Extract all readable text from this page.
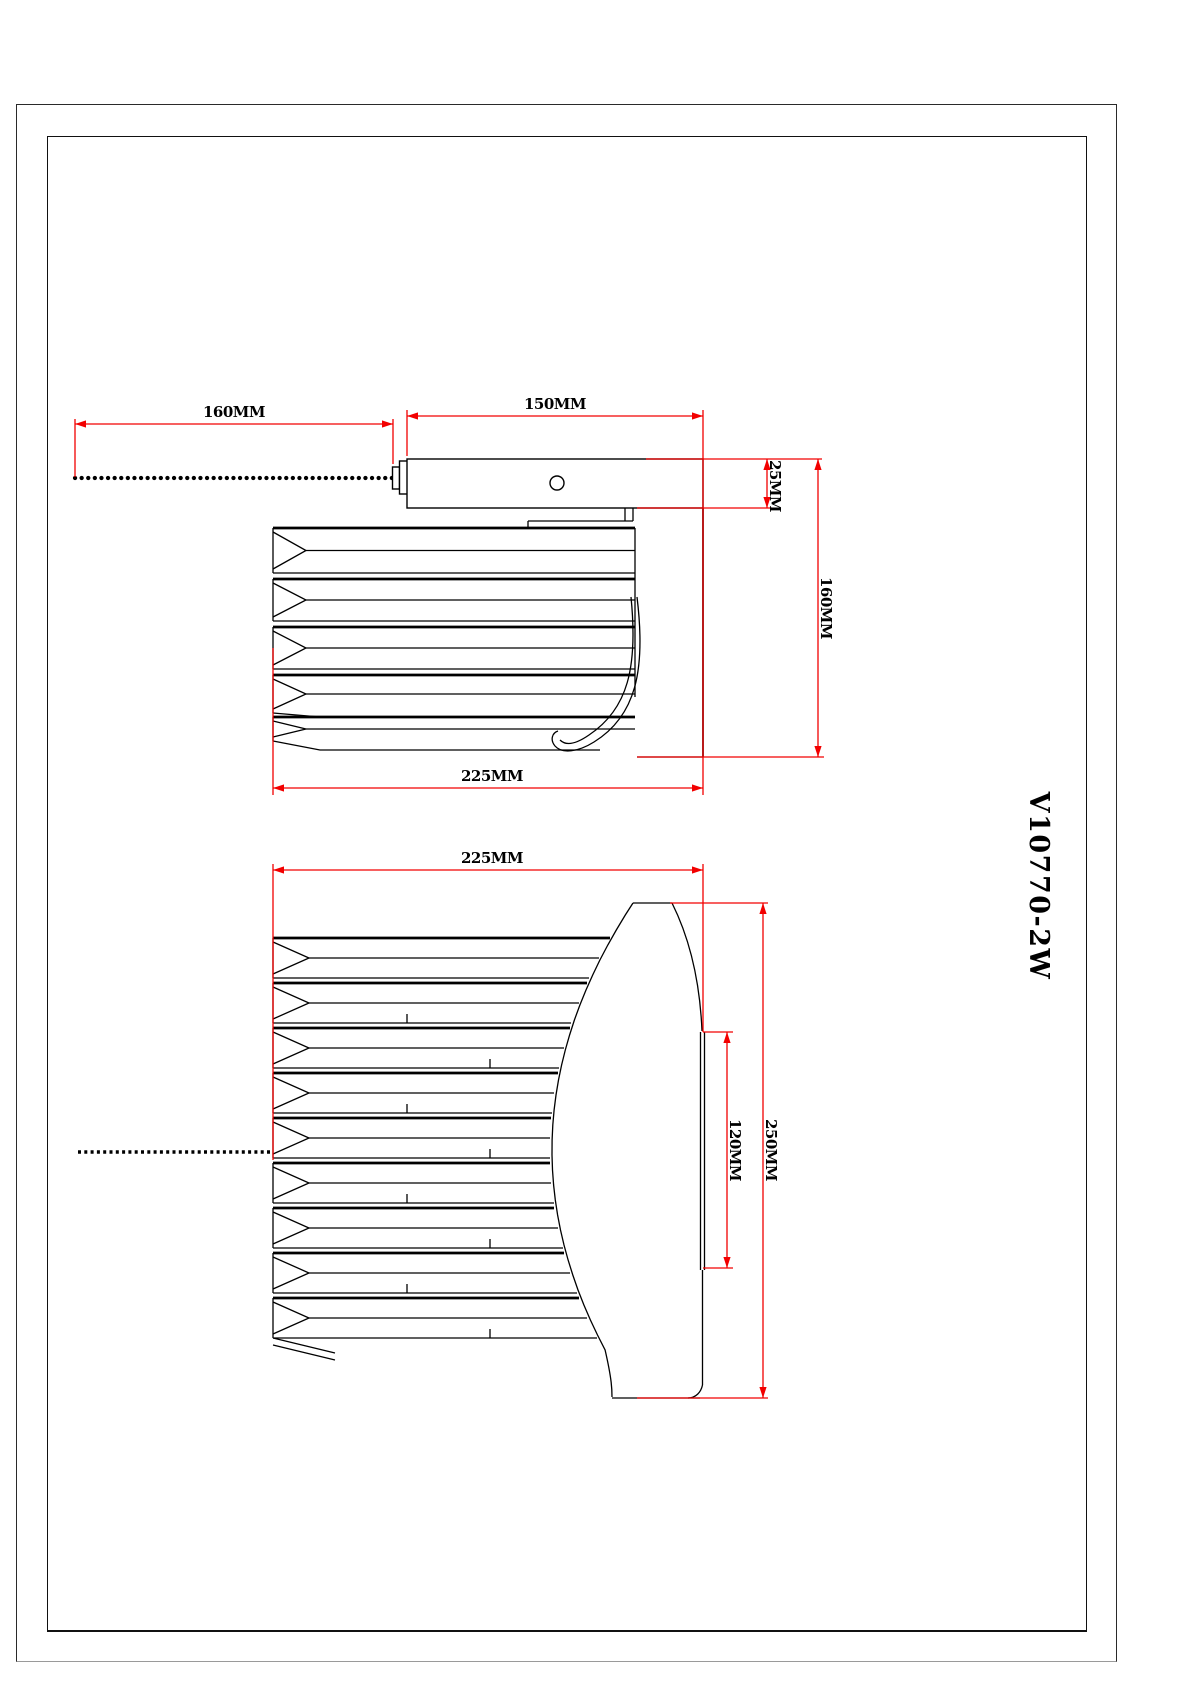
160MM	150MM
25MM
160MM
225MM
225MM
120MM 250MM
V10770-2W
